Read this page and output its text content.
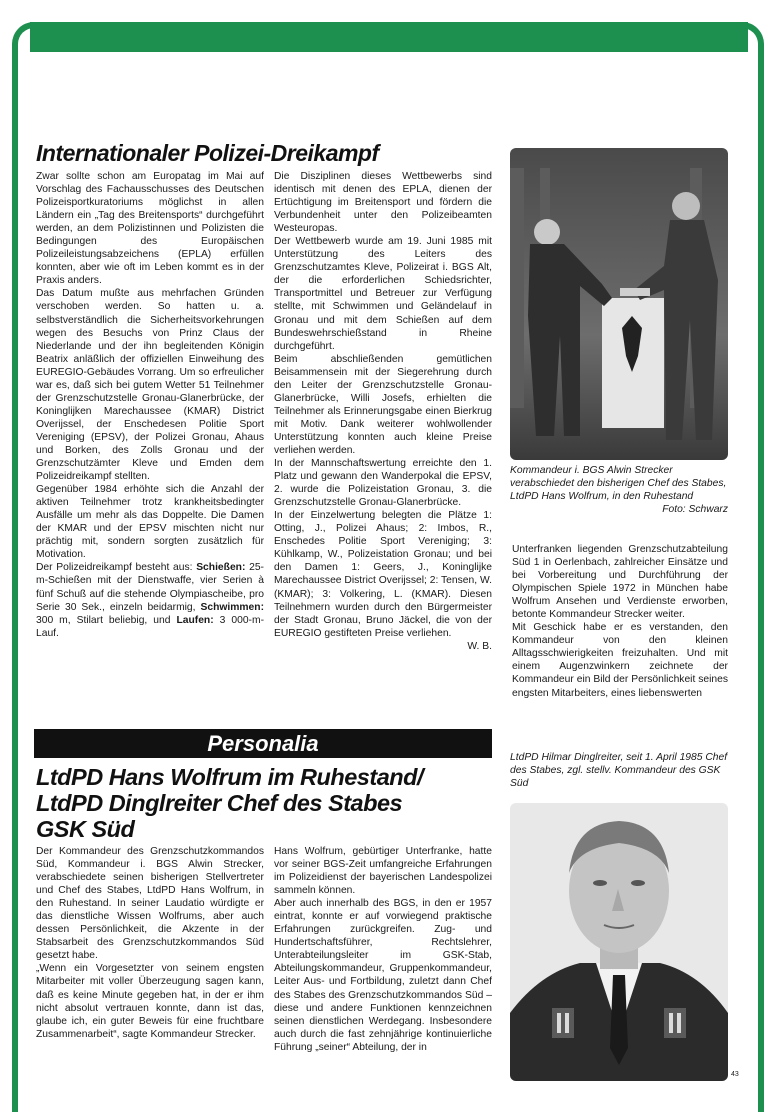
Internationaler Polizei-Dreikampf

Zwar sollte schon am Europatag im Mai auf Vorschlag des Fachausschusses des Deutschen Polizeisportkuratoriums möglichst in allen Ländern ein „Tag des Breitensports“ durchgeführt werden, an dem Polizistinnen und Polizisten die Bedingungen des Europäischen Polizeileistungsabzeichens (EPLA) erfüllen konnten, aber wie oft im Leben kommt es in der Praxis anders.

Das Datum mußte aus mehrfachen Gründen verschoben werden. So hatten u. a. selbstverständlich die Sicherheitsvorkehrungen wegen des Besuchs von Prinz Claus der Niederlande und der ihn begleitenden Königin Beatrix anläßlich der offiziellen Einweihung des EUREGIO-Gebäudes Vorrang. Um so erfreulicher war es, daß sich bei gutem Wetter 51 Teilnehmer der Grenzschutzstelle Gronau-Glanerbrücke, der Koninglijken Marechaussee (KMAR) District Overijssel, der Enschedesen Politie Sport Vereniging (EPSV), der Polizei Gronau, Ahaus und Borken, des Zolls Gronau und der Grenzschutzämter Kleve und Emden dem Polizeidreikampf stellten.

Gegenüber 1984 erhöhte sich die Anzahl der aktiven Teilnehmer trotz krankheitsbedingter Ausfälle um mehr als das Doppelte. Die Damen der KMAR und der EPSV mischten nicht nur prächtig mit, sondern sorgten zusätzlich für Motivation.

Der Polizeidreikampf besteht aus: Schießen: 25-m-Schießen mit der Dienstwaffe, vier Serien à fünf Schuß auf die stehende Olympiascheibe, pro Serie 30 Sek., einzeln beidarmig, Schwimmen: 300 m, Stilart beliebig, und Laufen: 3 000-m-Lauf.

Die Disziplinen dieses Wettbewerbs sind identisch mit denen des EPLA, dienen der Ertüchtigung im Breitensport und fördern die Verbundenheit unter den Polizeibeamten Westeuropas.

Der Wettbewerb wurde am 19. Juni 1985 mit Unterstützung des Leiters des Grenzschutzamtes Kleve, Polizeirat i. BGS Alt, der die erforderlichen Schiedsrichter, Transportmittel und Betreuer zur Verfügung stellte, mit Schwimmen und Geländelauf in Gronau und mit dem Schießen auf dem Bundeswehrschießstand in Rheine durchgeführt.

Beim abschließenden gemütlichen Beisammensein mit der Siegerehrung durch den Leiter der Grenzschutzstelle Gronau-Glanerbrücke, Willi Josefs, erhielten die Teilnehmer als Erinnerungsgabe einen Bierkrug mit Motiv. Dank weiterer wohlwollender Unterstützung konnten auch kleine Preise verliehen werden.

In der Mannschaftswertung erreichte den 1. Platz und gewann den Wanderpokal die EPSV, 2. wurde die Polizeistation Gronau, 3. die Grenzschutzstelle Gronau-Glanerbrücke.

In der Einzelwertung belegten die Plätze 1: Otting, J., Polizei Ahaus; 2: Imbos, R., Enschedes Politie Sport Vereniging; 3: Kühlkamp, W., Polizeistation Gronau; und bei den Damen 1: Geers, J., Koninglijke Marechaussee District Overijssel; 2: Tensen, W. (KMAR); 3: Volkering, L. (KMAR). Diesen Teilnehmern wurden durch den Bürgermeister der Stadt Gronau, Bruno Jäckel, die von der EUREGIO gestifteten Preise verliehen.

W. B.

Kommandeur i. BGS Alwin Strecker verabschiedet den bisherigen Chef des Stabes, LtdPD Hans Wolfrum, in den Ruhestand
Foto: Schwarz
Personalia
LtdPD Hans Wolfrum im Ruhestand/
LtdPD Dinglreiter Chef des Stabes
GSK Süd

Der Kommandeur des Grenzschutzkommandos Süd, Kommandeur i. BGS Alwin Strecker, verabschiedete seinen bisherigen Stellvertreter und Chef des Stabes, LtdPD Hans Wolfrum, in den Ruhestand. In seiner Laudatio würdigte er das dienstliche Wissen Wolfrums, aber auch dessen Persönlichkeit, die Akzente in der Stabsarbeit des Grenzschutzkommandos Süd gesetzt habe.

„Wenn ein Vorgesetzter von seinem engsten Mitarbeiter mit voller Überzeugung sagen kann, daß es keine Minute gegeben hat, in der er ihm nicht absolut vertrauen konnte, dann ist das, glaube ich, ein guter Beweis für eine fruchtbare Zusammenarbeit“, sagte Kommandeur Strecker.

Hans Wolfrum, gebürtiger Unterfranke, hatte vor seiner BGS-Zeit umfangreiche Erfahrungen im Polizeidienst der bayerischen Landespolizei sammeln können.

Aber auch innerhalb des BGS, in den er 1957 eintrat, konnte er auf vorwiegend praktische Erfahrungen zurückgreifen. Zug- und Hundertschaftsführer, Rechtslehrer, Unterabteilungsleiter im GSK-Stab, Abteilungskommandeur, Gruppenkommandeur, Leiter Aus- und Fortbildung, zuletzt dann Chef des Stabes des Grenzschutzkommandos Süd – diese und andere Funktionen kennzeichnen seinen dienstlichen Werdegang. Insbesondere auch durch die fast zehnjährige kontinuierliche Führung „seiner“ Abteilung, der in

Unterfranken liegenden Grenzschutzabteilung Süd 1 in Oerlenbach, zahlreicher Einsätze und bei Vorbereitung und Durchführung der Olympischen Spiele 1972 in München habe Wolfrum Ansehen und Verdienste erworben, betonte Kommandeur Strecker weiter.

Mit Geschick habe er es verstanden, den Kommandeur von den kleinen Alltagsschwierigkeiten freizuhalten. Und mit einem Augenzwinkern zeichnete der Kommandeur ein Bild der Persönlichkeit seines engsten Mitarbeiters, eines liebenswerten

LtdPD Hilmar Dinglreiter, seit 1. April 1985 Chef des Stabes, zgl. stellv. Kommandeur des GSK Süd
43
